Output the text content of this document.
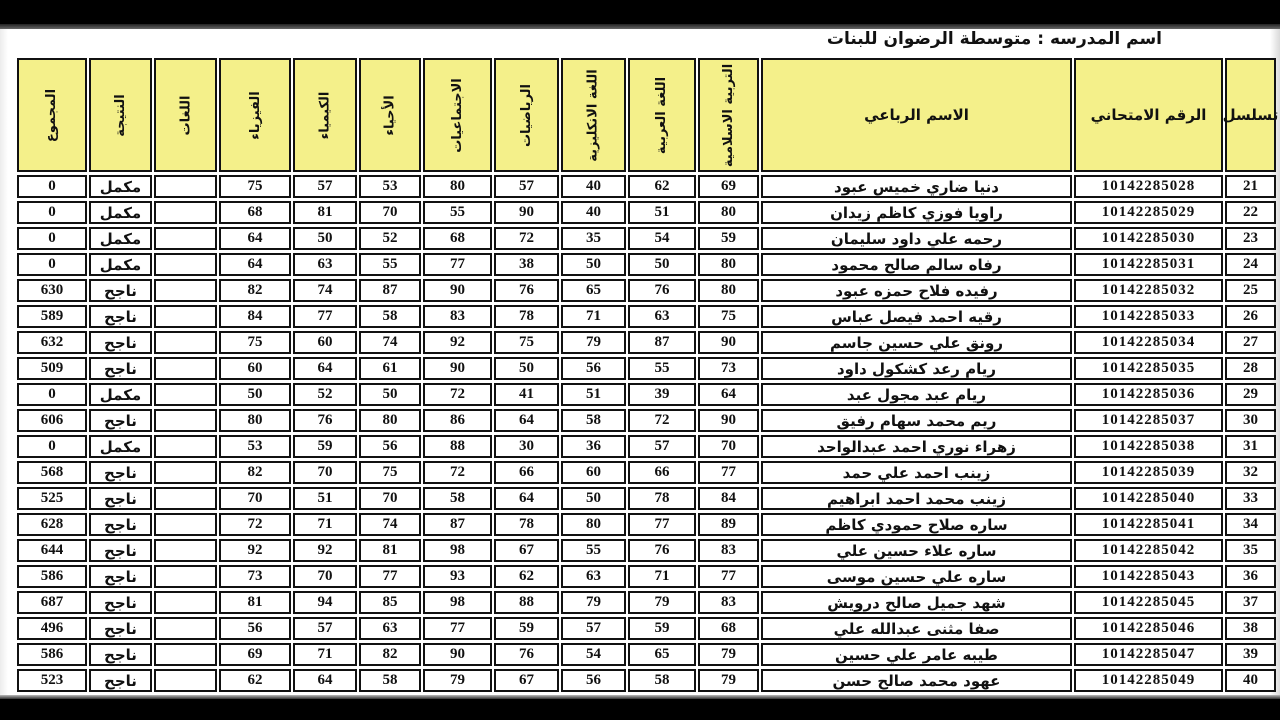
اسم المدرسه : متوسطة الرضوان للبنات
تسلسل	الرقم الامتحاني	الاسم الرباعي	التربية الاسلامية	اللغة العربية	اللغة الانكليزية	الرياضيات	الاجتماعيات	الأحياء	الكيمياء	الفيزياء	اللغات	النتيجة	المجموع

21	10142285028	دنيا ضاري خميس عبود	69	62	40	57	80	53	57	75		مكمل	0
22	10142285029	راويا فوزي كاظم زيدان	80	51	40	90	55	70	81	68		مكمل	0
23	10142285030	رحمه علي داود سليمان	59	54	35	72	68	52	50	64		مكمل	0
24	10142285031	رفاه سالم صالح محمود	80	50	50	38	77	55	63	64		مكمل	0
25	10142285032	رفيده فلاح حمزه عبود	80	76	65	76	90	87	74	82		ناجح	630
26	10142285033	رقيه احمد فيصل عباس	75	63	71	78	83	58	77	84		ناجح	589
27	10142285034	رونق علي حسين جاسم	90	87	79	75	92	74	60	75		ناجح	632
28	10142285035	ريام رعد كشكول داود	73	55	56	50	90	61	64	60		ناجح	509
29	10142285036	ريام عبد مجول عبد	64	39	51	41	72	50	52	50		مكمل	0
30	10142285037	ريم محمد سهام رفيق	90	72	58	64	86	80	76	80		ناجح	606
31	10142285038	زهراء نوري احمد عبدالواحد	70	57	36	30	88	56	59	53		مكمل	0
32	10142285039	زينب احمد علي حمد	77	66	60	66	72	75	70	82		ناجح	568
33	10142285040	زينب محمد احمد ابراهيم	84	78	50	64	58	70	51	70		ناجح	525
34	10142285041	ساره صلاح حمودي كاظم	89	77	80	78	87	74	71	72		ناجح	628
35	10142285042	ساره علاء حسين علي	83	76	55	67	98	81	92	92		ناجح	644
36	10142285043	ساره علي حسين موسى	77	71	63	62	93	77	70	73		ناجح	586
37	10142285045	شهد جميل صالح درويش	83	79	79	88	98	85	94	81		ناجح	687
38	10142285046	صفا مثنى عبدالله علي	68	59	57	59	77	63	57	56		ناجح	496
39	10142285047	طيبه عامر علي حسين	79	65	54	76	90	82	71	69		ناجح	586
40	10142285049	عهود محمد صالح حسن	79	58	56	67	79	58	64	62		ناجح	523
